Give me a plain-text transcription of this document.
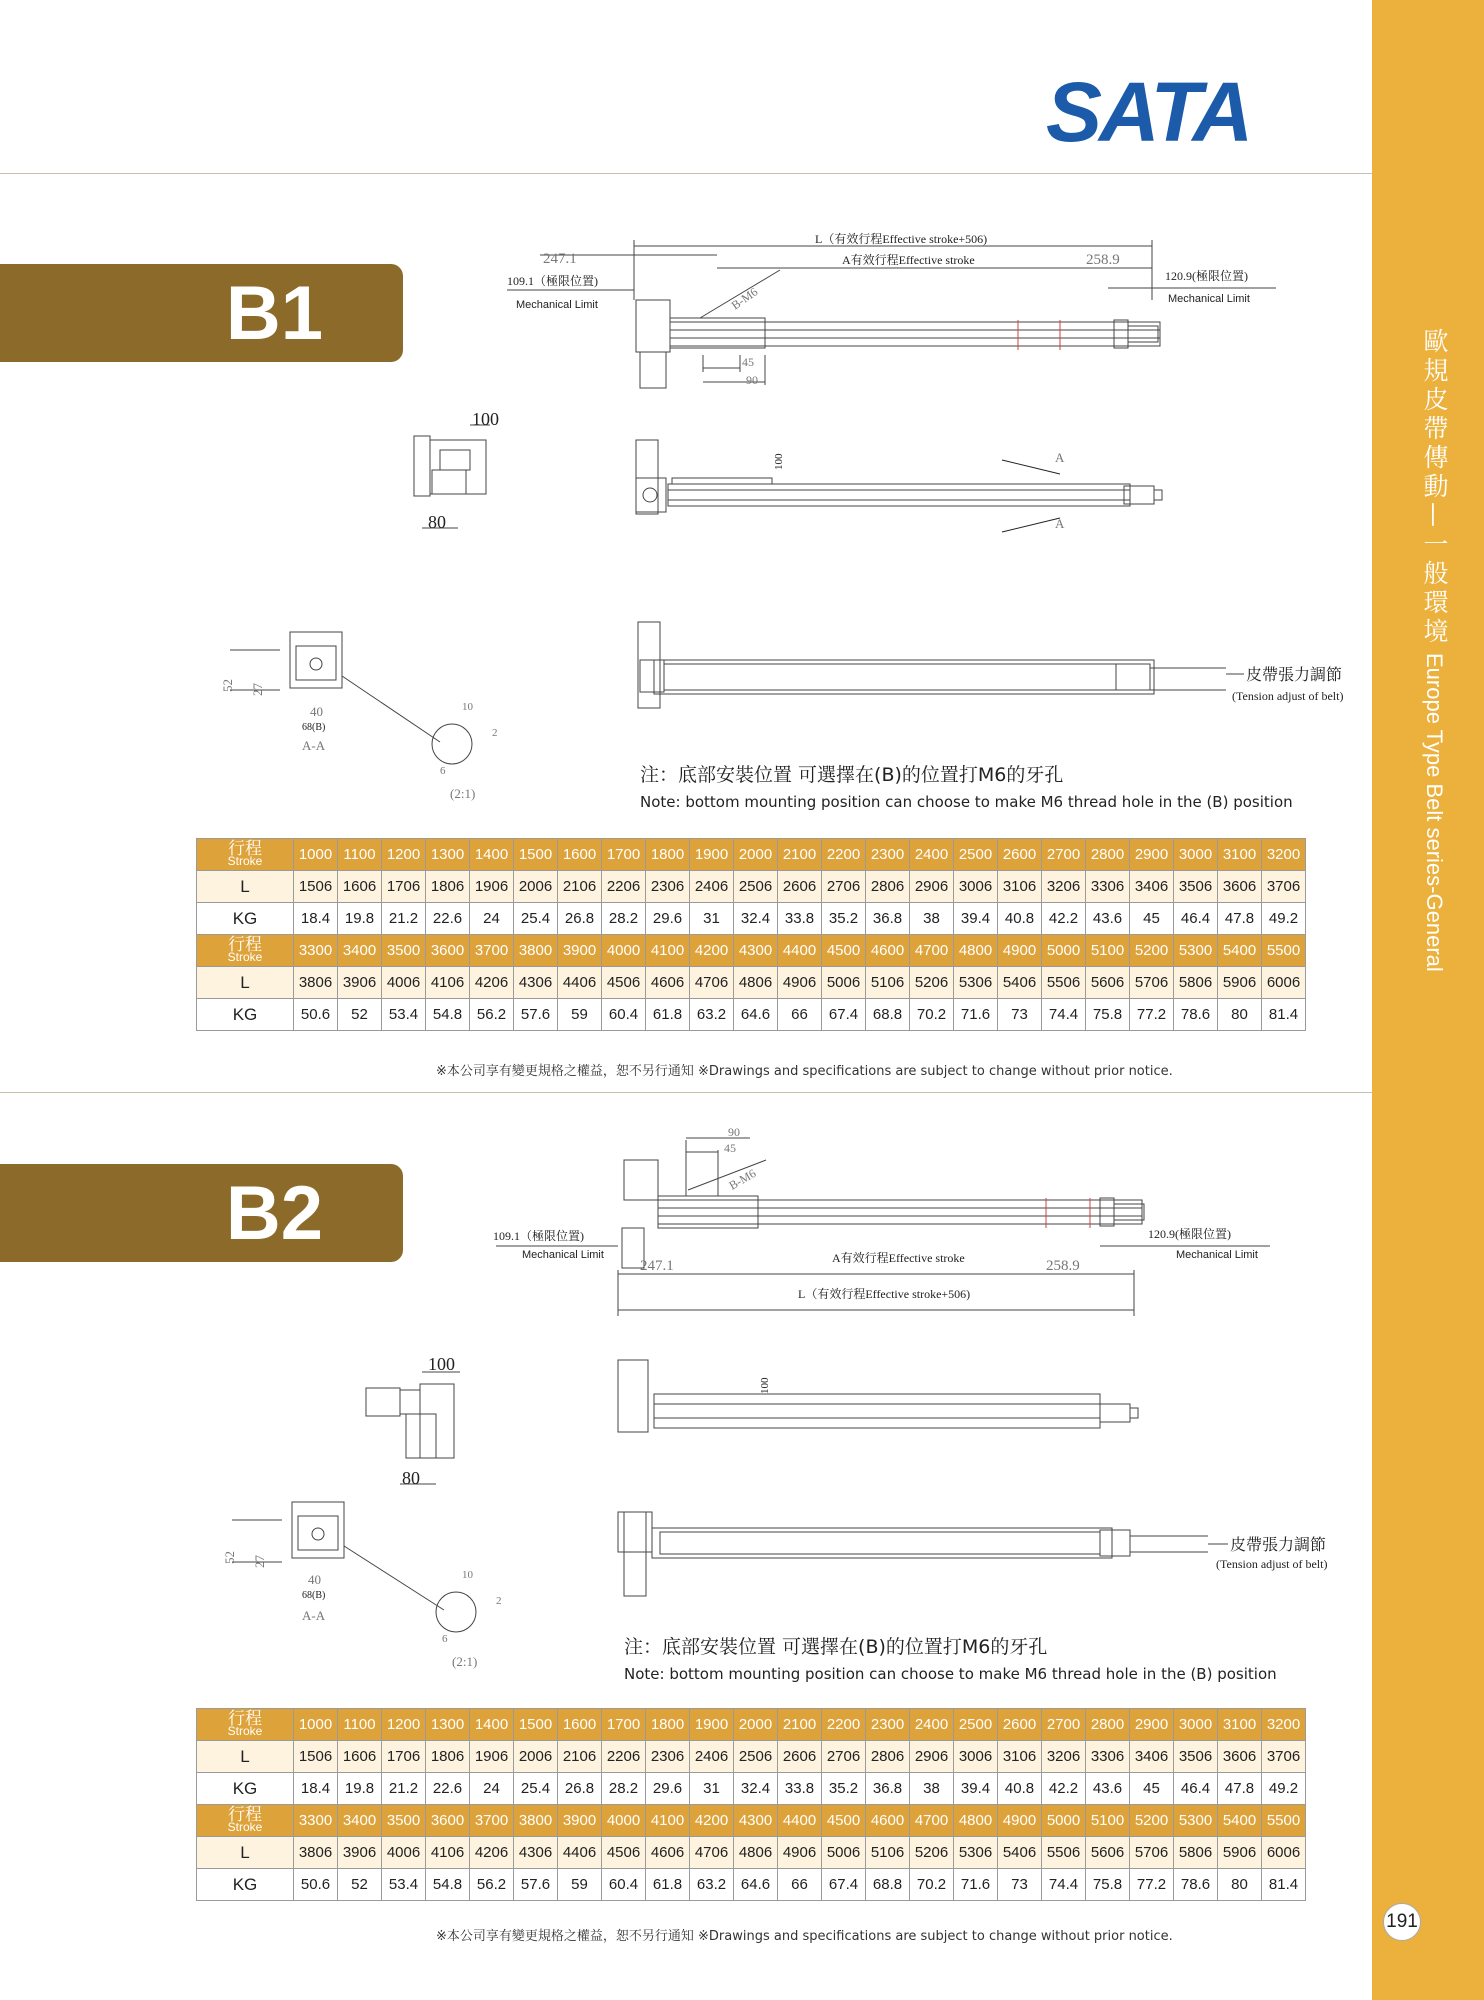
歐規皮帶傳動—一般環境
Europe Type Belt series-General
SATA
B1
B2
L（有效行程Effective stroke+506)
A有效行程Effective stroke
247.1	258.9
109.1（極限位置)
Mechanical Limit
120.9(極限位置)
Mechanical Limit
B-M6
45
90
100
80
100	A
A
皮帶張力調節
(Tension adjust of belt)
52 27
40
68(B)
A-A
10
2
6
(2:1)
90
45
B-M6
109.1（極限位置)
Mechanical Limit
120.9(極限位置)
Mechanical Limit
247.1	A有效行程Effective stroke	258.9
L（有效行程Effective stroke+506)
100
80
100
皮帶張力調節
(Tension adjust of belt)
52 27
40
68(B)
A-A
10
2
6
(2:1)
注：底部安裝位置 可選擇在(B)的位置打M6的牙孔
Note: bottom mounting position can choose to make M6 thread hole in the (B) position
注：底部安裝位置 可選擇在(B)的位置打M6的牙孔
Note: bottom mounting position can choose to make M6 thread hole in the (B) position
行程
Stroke	1000	1100	1200	1300	1400	1500	1600	1700	1800	1900	2000	2100	2200	2300	2400	2500	2600	2700	2800	2900	3000	3100	3200
L	1506	1606	1706	1806	1906	2006	2106	2206	2306	2406	2506	2606	2706	2806	2906	3006	3106	3206	3306	3406	3506	3606	3706
KG	18.4	19.8	21.2	22.6	24	25.4	26.8	28.2	29.6	31	32.4	33.8	35.2	36.8	38	39.4	40.8	42.2	43.6	45	46.4	47.8	49.2

行程
Stroke	3300	3400	3500	3600	3700	3800	3900	4000	4100	4200	4300	4400	4500	4600	4700	4800	4900	5000	5100	5200	5300	5400	5500
L	3806	3906	4006	4106	4206	4306	4406	4506	4606	4706	4806	4906	5006	5106	5206	5306	5406	5506	5606	5706	5806	5906	6006
KG	50.6	52	53.4	54.8	56.2	57.6	59	60.4	61.8	63.2	64.6	66	67.4	68.8	70.2	71.6	73	74.4	75.8	77.2	78.6	80	81.4
行程
Stroke	1000	1100	1200	1300	1400	1500	1600	1700	1800	1900	2000	2100	2200	2300	2400	2500	2600	2700	2800	2900	3000	3100	3200
L	1506	1606	1706	1806	1906	2006	2106	2206	2306	2406	2506	2606	2706	2806	2906	3006	3106	3206	3306	3406	3506	3606	3706
KG	18.4	19.8	21.2	22.6	24	25.4	26.8	28.2	29.6	31	32.4	33.8	35.2	36.8	38	39.4	40.8	42.2	43.6	45	46.4	47.8	49.2

行程
Stroke	3300	3400	3500	3600	3700	3800	3900	4000	4100	4200	4300	4400	4500	4600	4700	4800	4900	5000	5100	5200	5300	5400	5500
L	3806	3906	4006	4106	4206	4306	4406	4506	4606	4706	4806	4906	5006	5106	5206	5306	5406	5506	5606	5706	5806	5906	6006
KG	50.6	52	53.4	54.8	56.2	57.6	59	60.4	61.8	63.2	64.6	66	67.4	68.8	70.2	71.6	73	74.4	75.8	77.2	78.6	80	81.4
※本公司享有變更規格之權益，恕不另行通知 ※Drawings and specifications are subject to change without prior notice.
※本公司享有變更規格之權益，恕不另行通知 ※Drawings and specifications are subject to change without prior notice.
191
